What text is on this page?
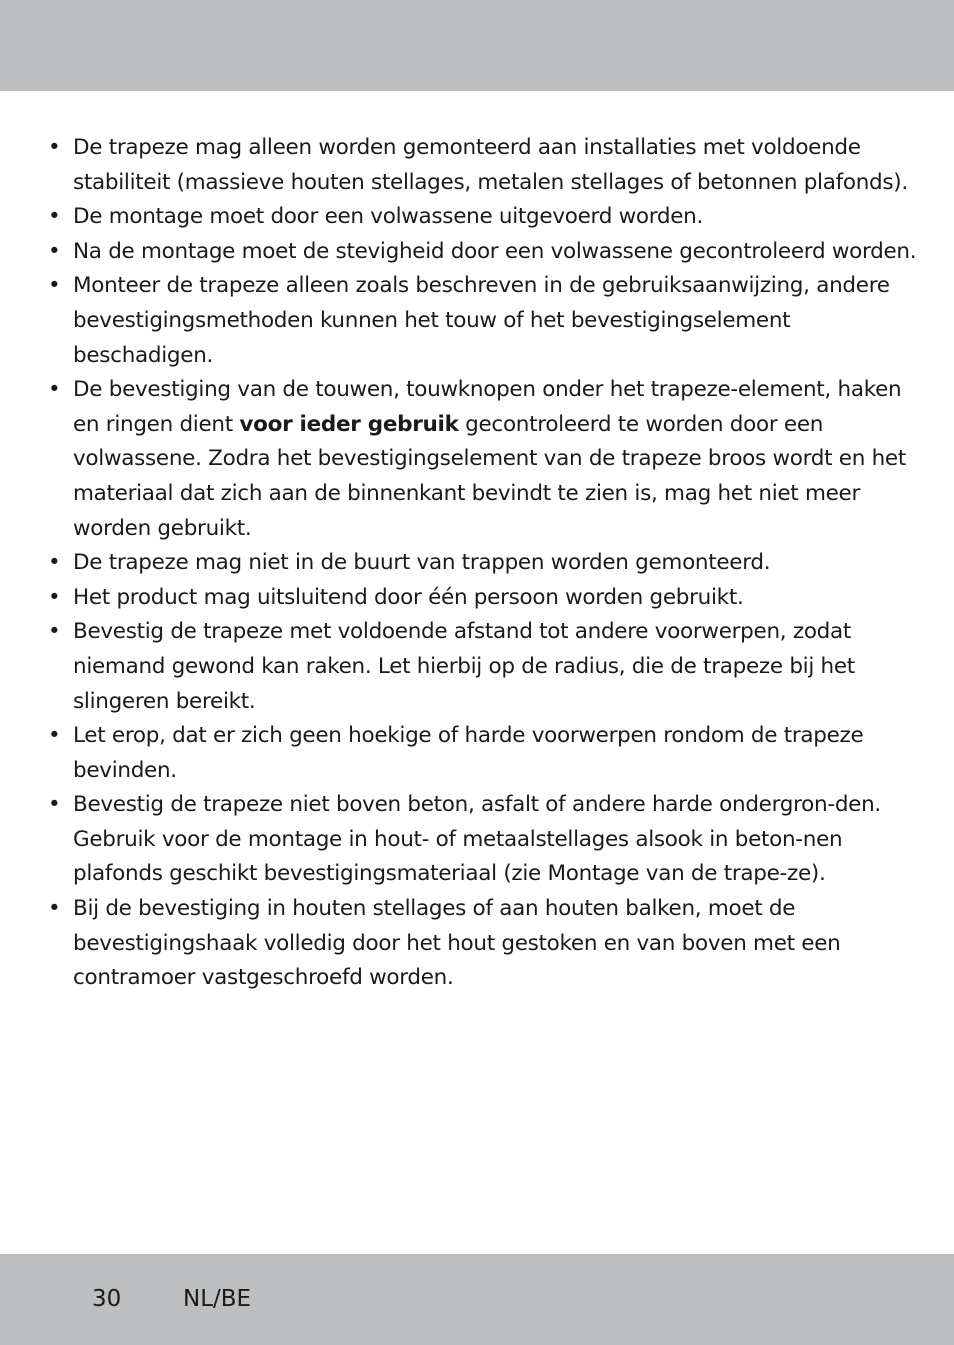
• De trapeze mag alleen worden gemonteerd aan installaties met voldoende stabiliteit (massieve houten stellages, metalen stellages of betonnen plafonds).
• De montage moet door een volwassene uitgevoerd worden.
• Na de montage moet de stevigheid door een volwassene gecontroleerd worden.
• Monteer de trapeze alleen zoals beschreven in de gebruiksaanwijzing, andere bevestigingsmethoden kunnen het touw of het bevestigingselement beschadigen.
• De bevestiging van de touwen, touwknopen onder het trapeze-element, haken en ringen dient voor ieder gebruik gecontroleerd te worden door een volwassene. Zodra het bevestigingselement van de trapeze broos wordt en het materiaal dat zich aan de binnenkant bevindt te zien is, mag het niet meer worden gebruikt.
• De trapeze mag niet in de buurt van trappen worden gemonteerd.
• Het product mag uitsluitend door één persoon worden gebruikt.
• Bevestig de trapeze met voldoende afstand tot andere voorwerpen, zodat niemand gewond kan raken. Let hierbij op de radius, die de trapeze bij het slingeren bereikt.
• Let erop, dat er zich geen hoekige of harde voorwerpen rondom de trapeze bevinden.
• Bevestig de trapeze niet boven beton, asfalt of andere harde ondergron-den. Gebruik voor de montage in hout- of metaalstellages alsook in beton-nen plafonds geschikt bevestigingsmateriaal (zie Montage van de trape-ze).
• Bij de bevestiging in houten stellages of aan houten balken, moet de bevestigingshaak volledig door het hout gestoken en van boven met een contramoer vastgeschroefd worden.
30	NL/BE
